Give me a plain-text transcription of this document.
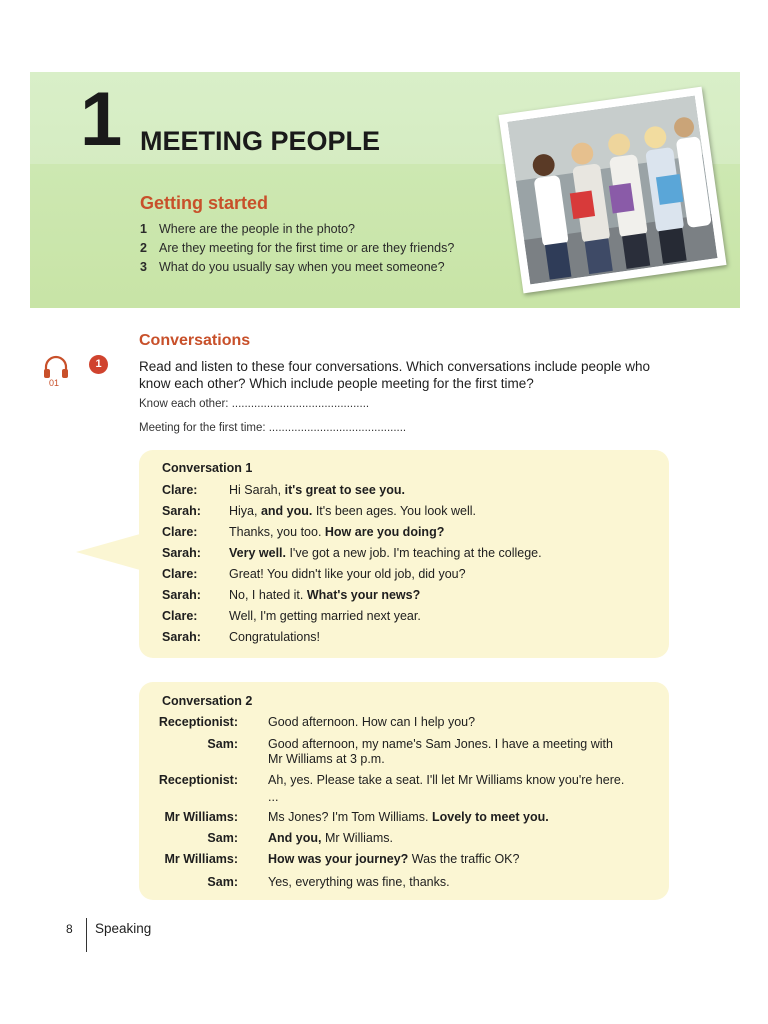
1 MEETING PEOPLE
Getting started
1 Where are the people in the photo?
2 Are they meeting for the first time or are they friends?
3 What do you usually say when you meet someone?
Conversations
01
1	Read and listen to these four conversations. Which conversations include people who know each other? Which include people meeting for the first time?
Know each other: ...........................................
Meeting for the first time: ...........................................
Conversation 1
Clare:	Hi Sarah, it's great to see you.
Sarah: Hiya, and you. It's been ages. You look well.
Clare:	Thanks, you too. How are you doing?
Sarah: Very well. I've got a new job. I'm teaching at the college.
Clare:	Great! You didn't like your old job, did you?
Sarah: No, I hated it. What's your news?
Clare:	Well, I'm getting married next year.
Sarah: Congratulations!
Conversation 2
Receptionist: Good afternoon. How can I help you?
Sam: Good afternoon, my name's Sam Jones. I have a meeting with
Mr Williams at 3 p.m.
Receptionist: Ah, yes. Please take a seat. I'll let Mr Williams know you're here.
...
Mr Williams: Ms Jones? I'm Tom Williams. Lovely to meet you.
Sam: And you, Mr Williams.
Mr Williams: How was your journey? Was the traffic OK?
Sam: Yes, everything was fine, thanks.
8 Speaking
